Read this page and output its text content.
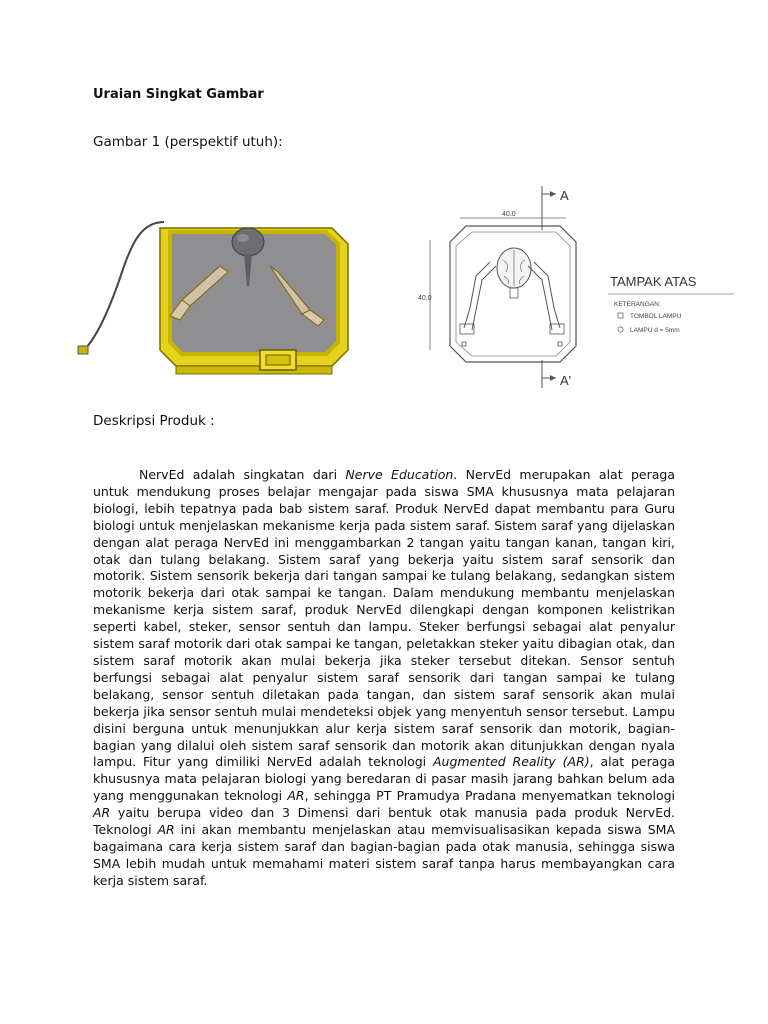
Uraian Singkat Gambar
Gambar 1 (perspektif utuh):
A
A'
40.0
40.0
TAMPAK ATAS
KETERANGAN:
TOMBOL LAMPU
LAMPU d = 5mm
Deskripsi Produk :
NervEd adalah singkatan dari Nerve Education. NervEd merupakan alat peraga untuk mendukung proses belajar mengajar pada siswa SMA khususnya mata pelajaran biologi, lebih tepatnya pada bab sistem saraf. Produk NervEd dapat membantu para Guru biologi untuk menjelaskan mekanisme kerja pada sistem saraf. Sistem saraf yang dijelaskan dengan alat peraga NervEd ini menggambarkan 2 tangan yaitu tangan kanan, tangan kiri, otak dan tulang belakang. Sistem saraf yang bekerja yaitu sistem saraf sensorik dan motorik. Sistem sensorik bekerja dari tangan sampai ke tulang belakang, sedangkan sistem motorik bekerja dari otak sampai ke tangan. Dalam mendukung membantu menjelaskan mekanisme kerja sistem saraf, produk NervEd dilengkapi dengan komponen kelistrikan seperti kabel, steker, sensor sentuh dan lampu. Steker berfungsi sebagai alat penyalur sistem saraf motorik dari otak sampai ke tangan, peletakkan steker yaitu dibagian otak, dan sistem saraf motorik akan mulai bekerja jika steker tersebut ditekan. Sensor sentuh berfungsi sebagai alat penyalur sistem saraf sensorik dari tangan sampai ke tulang belakang, sensor sentuh diletakan pada tangan, dan sistem saraf sensorik akan mulai bekerja jika sensor sentuh mulai mendeteksi objek yang menyentuh sensor tersebut. Lampu disini berguna untuk menunjukkan alur kerja sistem saraf sensorik dan motorik, bagian-bagian yang dilalui oleh sistem saraf sensorik dan motorik akan ditunjukkan dengan nyala lampu. Fitur yang dimiliki NervEd adalah teknologi Augmented Reality (AR), alat peraga khususnya mata pelajaran biologi yang beredaran di pasar masih jarang bahkan belum ada yang menggunakan teknologi AR, sehingga PT Pramudya Pradana menyematkan teknologi AR yaitu berupa video dan 3 Dimensi dari bentuk otak manusia pada produk NervEd. Teknologi AR ini akan membantu menjelaskan atau memvisualisasikan kepada siswa SMA bagaimana cara kerja sistem saraf dan bagian-bagian pada otak manusia, sehingga siswa SMA lebih mudah untuk memahami materi sistem saraf tanpa harus membayangkan cara kerja sistem saraf.
